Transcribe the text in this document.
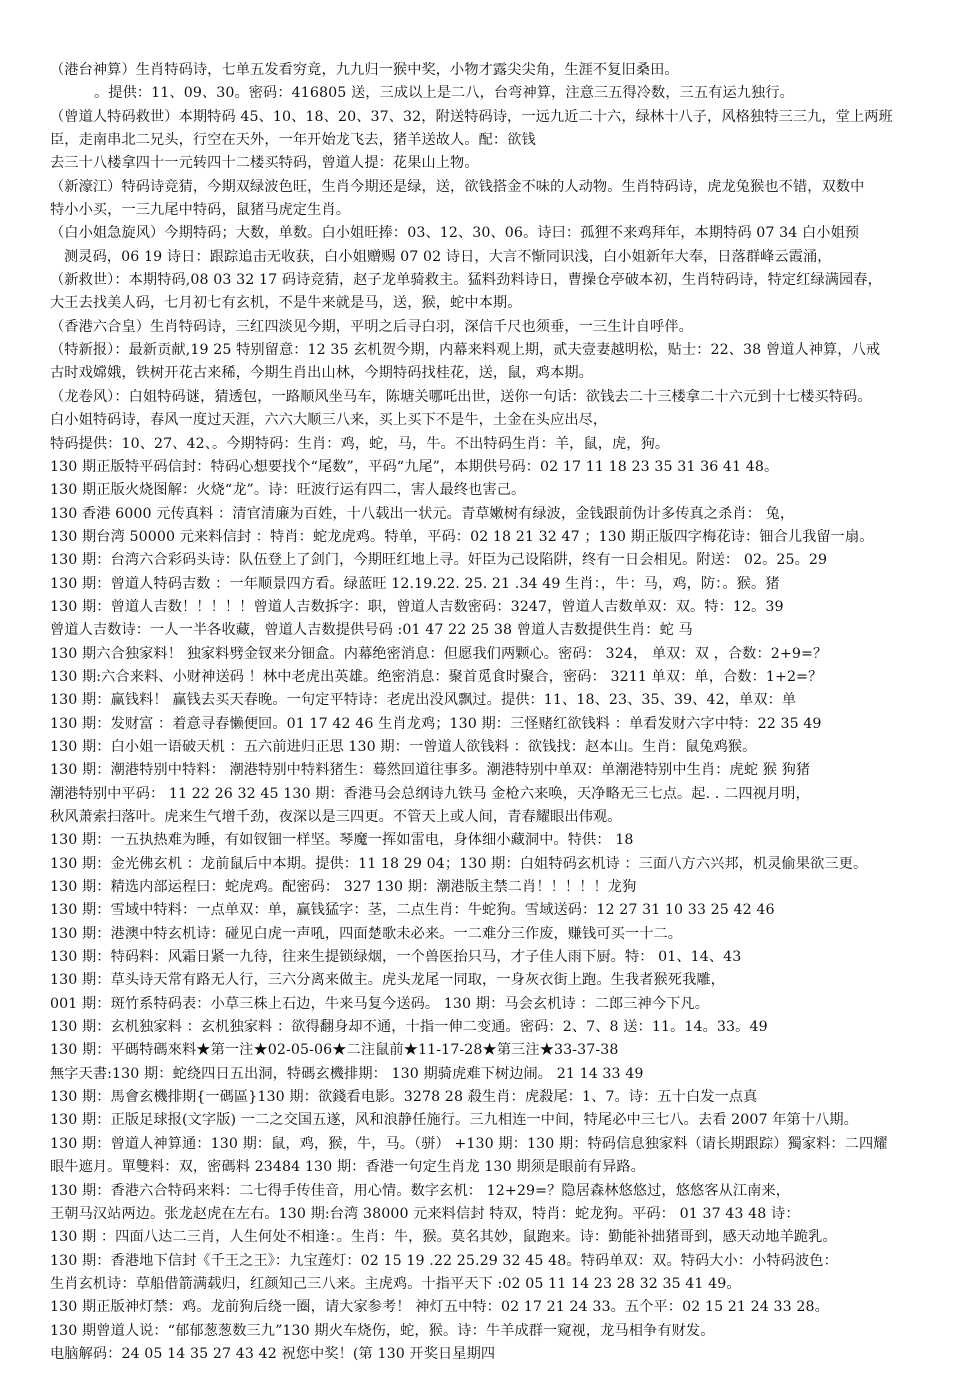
（港台神算）生肖特码诗，七单五发看穷竟，九九归一猴中奖，小物才露尖尖角，生涯不复旧桑田。
。提供：11、09、30。密码：416805 送，三成以上是二八，台弯神算，注意三五得冷数，三五有运九独行。
（曾道人特码救世）本期特码 45、10、18、20、37、32，附送特码诗，一远九近二十六，绿林十八子，风格独特三三九，堂上两班
臣，走南串北二兄头，行空在天外，一年开始龙飞去，猪羊送故人。配：欲钱
去三十八楼拿四十一元转四十二楼买特码，曾道人提：花果山上物。
（新濠江）特码诗竞猜，今期双绿波色旺，生肖今期还是绿，送，欲钱搭金不味的人动物。生肖特码诗，虎龙兔猴也不错，双数中
特小小买，一三九尾中特码，鼠猪马虎定生肖。
（白小姐急旋风）今期特码；大数，单数。白小姐旺捧：03、12、30、06。诗曰：孤狸不来鸡拜年，本期特码 07 34 白小姐预
测灵码，06 19 诗日：跟踪追击无收获，白小姐赠赐 07 02 诗日，大言不惭同识浅，白小姐新年大奉，日落群峰云霞涌，
（新救世）：本期特码,08 03 32 17 码诗竞猜，赵子龙单骑救主。猛料劲料诗日，曹操仓亭破本初，生肖特码诗，特定红绿满园春，
大王去找美人码，七月初七有玄机，不是牛来就是马，送，猴，蛇中本期。
（香港六合皇）生肖特码诗，三红四淡见今期，平明之后寻白羽，深信千尺也须垂，一三生计自呼伴。
（特新报）：最新贡献,19 25 特别留意：12 35 玄机贺今期，内幕来料观上期，贰夫壹妻越明松，贴士：22、38 曾道人神算，八戒
古时戏嫦娥，铁树开花古来稀，今期生肖出山林，今期特码找桂花，送，鼠，鸡本期。
（龙卷风）：白姐特码谜，猜透包，一路顺风坐马车，陈塘关哪吒出世，送你一句话：欲钱去二十三楼拿二十六元到十七楼买特码。
白小姐特码诗，春风一度过天涯，六六大顺三八来，买上买下不是牛，土金在头应出尽，
特码提供：10、27、42、。今期特码：生肖：鸡，蛇，马，牛。不出特码生肖：羊，鼠，虎，狗。
130 期正版特平码信封：特码心想要找个“尾数”，平码“九尾”，本期供号码：02 17 11 18 23 35 31 36 41 48。
130 期正版火烧图解：火烧“龙”。诗：旺波行运有四二，害人最终也害己。
130 香港 6000 元传真料 ：清官清廉为百姓，十八载出一状元。青草嫩树有绿波，金钱跟前伪计多传真之杀肖： 兔，
130 期台湾 50000 元来料信封 ：特肖：蛇龙虎鸡。特单，平码：02 18 21 32 47 ；130 期正版四字梅花诗：钿合儿我留一扇。
130 期：台湾六合彩码头诗：队伍登上了剑门，今期旺红地上寻。奸臣为己设陷阱，终有一日会相见。附送： 02。25。29
130 期：曾道人特码吉数 ：一年顺景四方看。绿蓝旺 12.19.22. 25. 21 .34 49 生肖：，牛：马，鸡，防：。猴。猪
130 期：曾道人吉数！！！！！曾道人吉数拆字：职，曾道人吉数密码：3247，曾道人吉数单双：双。特：12。39
曾道人吉数诗：一人一半各收藏，曾道人吉数提供号码 :01 47 22 25 38 曾道人吉数提供生肖：蛇 马
130 期六合独家料！ 独家料劈金钗来分钿盒。内幕绝密消息：但愿我们两颗心。密码： 324， 单双：双 ，合数：2+9=？
130 期:六合来料、小财神送码 ！林中老虎出英雄。绝密消息：聚首觅食时聚合，密码： 3211 单双：单，合数：1+2=？
130 期：赢钱料！ 赢钱去买天春晚。一句定平特诗：老虎出没风飘过。提供：11、18、23、35、39、42，单双：单
130 期：发财富 ：着意寻春懒便回。01 17 42 46 生肖龙鸡；130 期：三怪赌红欲钱料 ：单看发财六字中特：22 35 49
130 期：白小姐一语破天机 ：五六前进归正思 130 期：一曾道人欲钱料 ：欲钱找：赵本山。生肖：鼠兔鸡猴。
130 期：潮港特别中特料： 潮港特别中特料猪生：蓦然回道往事多。潮港特别中单双：单潮港特别中生肖：虎蛇 猴 狗猪
潮港特别中平码： 11 22 26 32 45 130 期：香港马会总纲诗九铁马 金枪六来唤，天净略无三七点。起. . 二四视月明，
秋风萧索扫落叶。虎来生气增千劲，夜深以是三四更。不管天上或人间，青春耀眼出伟观。
130 期：一五执热难为睡，有如钗钿一样坚。琴魔一挥如雷电，身体细小藏洞中。特供： 18
130 期：金光佛玄机 ：龙前鼠后中本期。提供：11 18 29 04；130 期：白姐特码玄机诗 ：三面八方六兴邦，机灵偷果欲三更。
130 期：精选内部运程曰：蛇虎鸡。配密码： 327 130 期：潮港版主禁二肖！！！！！龙狗
130 期：雪域中特料：一点单双：单，赢钱猛字：茎，二点生肖：牛蛇狗。雪域送码：12 27 31 10 33 25 42 46
130 期：港澳中特玄机诗：碰见白虎一声吼，四面楚歌未必来。一二难分三作废，赚钱可买一十二。
130 期：特码料：风霜日紧一九待，往来生提锁绿烟，一个兽医抬只马，才子佳人雨下厨。特： 01、14、43
130 期：草头诗天常有路无人行，三六分离来做主。虎头龙尾一同取，一身灰衣街上跑。生我者猴死我雕，
001 期：斑竹系特码表：小草三株上石边，牛来马复今送码。 130 期：马会玄机诗 ：二郎三神今下凡。
130 期：玄机独家料 ：玄机独家料 ：欲得翻身却不通，十指一伸二变通。密码：2、7、8 送：11。14。33。49
130 期：平碼特碼來料★第一注★02-05-06★二注鼠前★11-17-28★第三注★33-37-38
無字天書:130 期：蛇绕四日五出洞，特碼玄機排期： 130 期骑虎难下树边闹。 21 14 33 49
130 期：馬會玄機排期{一碼區}130 期：欲錢看电影。3278 28 殺生肖：虎殺尾：1、7。诗：五十白发一点真
130 期：正版足球报(文字版) 一二之交国五遂，风和浪静任施行。三九相连一中间，特尾必中三七八。去看 2007 年第十八期。
130 期：曾道人神算通：130 期：鼠，鸡，猴，牛，马。（骈） +130 期：130 期：特码信息独家料（请长期跟踪）獨家料：二四耀
眼牛遮月。單雙料：双，密碼料 23484 130 期：香港一句定生肖龙 130 期须是眼前有异路。
130 期：香港六合特码来料：二七得手传佳音，用心情。数字玄机： 12+29=？隐居森林悠悠过，悠悠客从江南来，
王朝马汉站两边。张龙赵虎在左右。130 期:台湾 38000 元来料信封 特双，特肖：蛇龙狗。平码： 01 37 43 48 诗：
130 期 ：四面八达二三肖，人生何处不相逢：。生肖：牛，猴。莫名其妙，鼠跑来。诗：勤能补拙猪哥到，感天动地羊跪乳。
130 期：香港地下信封《千王之王》：九宝莲灯：02 15 19 .22 25.29 32 45 48。特码单双：双。特码大小：小特码波色：
生肖玄机诗：草船借箭满载归，红颜知己三八来。主虎鸡。十指平天下 :02 05 11 14 23 28 32 35 41 49。
130 期正版神灯禁：鸡。龙前狗后绕一圈，请大家参考！ 神灯五中特：02 17 21 24 33。五个平：02 15 21 24 33 28。
130 期曾道人说：“郁郁葱葱数三九”130 期火车烧伤，蛇，猴。诗：牛羊成群一窥视，龙马相争有财发。
电脑解码：24 05 14 35 27 43 42 祝您中奖！(第 130 开奖日星期四
